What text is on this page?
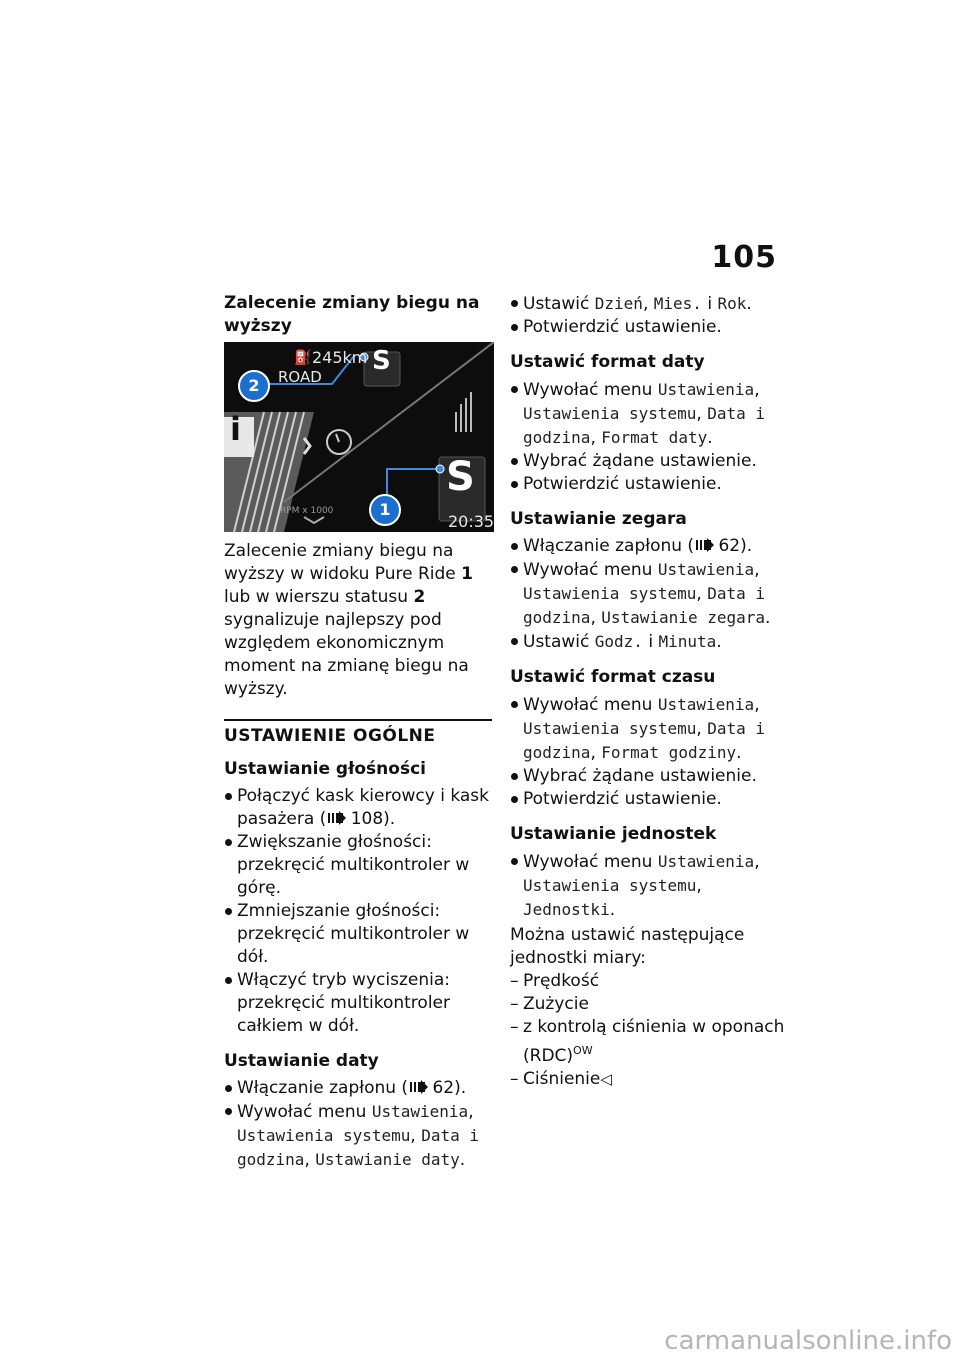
105
Zalecenie zmiany biegu na wyższy
245km
⛽
ROAD
S
S
i
RPM x 1000
20:35
2
1

Zalecenie zmiany biegu na wyższy w widoku Pure Ride 1 lub w wierszu statusu 2 sygnalizuje najlepszy pod względem ekonomicznym moment na zmianę biegu na wyższy.

USTAWIENIE OGÓLNE
Ustawianie głośności
Połączyć kask kierowcy i kask pasażera ( 108).
Zwiększanie głośności: przekręcić multikontroler w górę.
Zmniejszanie głośności: przekręcić multikontroler w dół.
Włączyć tryb wyciszenia: przekręcić multikontroler całkiem w dół.
Ustawianie daty
Włączanie zapłonu ( 62).
Wywołać menu Ustawienia, Ustawienia systemu, Data i godzina, Ustawianie daty.
Ustawić Dzień, Mies. i Rok.
Potwierdzić ustawienie.
Ustawić format daty
Wywołać menu Ustawienia, Ustawienia systemu, Data i godzina, Format daty.
Wybrać żądane ustawienie.
Potwierdzić ustawienie.
Ustawianie zegara
Włączanie zapłonu ( 62).
Wywołać menu Ustawienia, Ustawienia systemu, Data i godzina, Ustawianie zegara.
Ustawić Godz. i Minuta.
Ustawić format czasu
Wywołać menu Ustawienia, Ustawienia systemu, Data i godzina, Format godziny.
Wybrać żądane ustawienie.
Potwierdzić ustawienie.
Ustawianie jednostek
Wywołać menu Ustawienia, Ustawienia systemu, Jednostki.

Można ustawić następujące jednostki miary:

– Prędkość
– Zużycie
– z kontrolą ciśnienia w oponach (RDC)$^{OW}$
– Ciśnienie◁
carmanualsonline.info
